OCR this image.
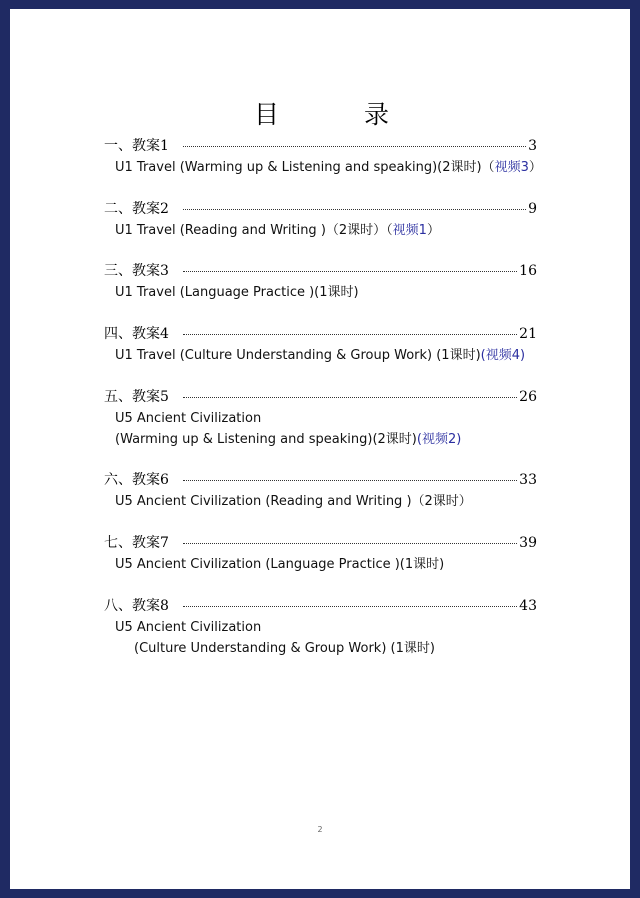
目	录
一、教案1	3
U1 Travel (Warming up & Listening and speaking)(2课时)（视频3）
二、教案2	9
U1 Travel (Reading and Writing )（2课时）（视频1）
三、教案3	16
U1 Travel (Language Practice )(1课时)
四、教案4	21
U1 Travel (Culture Understanding & Group Work) (1课时)(视频4)
五、教案5	26
U5 Ancient Civilization
(Warming up & Listening and speaking)(2课时)(视频2)
六、教案6	33
U5 Ancient Civilization (Reading and Writing )（2课时）
七、教案7	39
U5 Ancient Civilization (Language Practice )(1课时)
八、教案8	43
U5 Ancient Civilization
(Culture Understanding & Group Work) (1课时)
2
